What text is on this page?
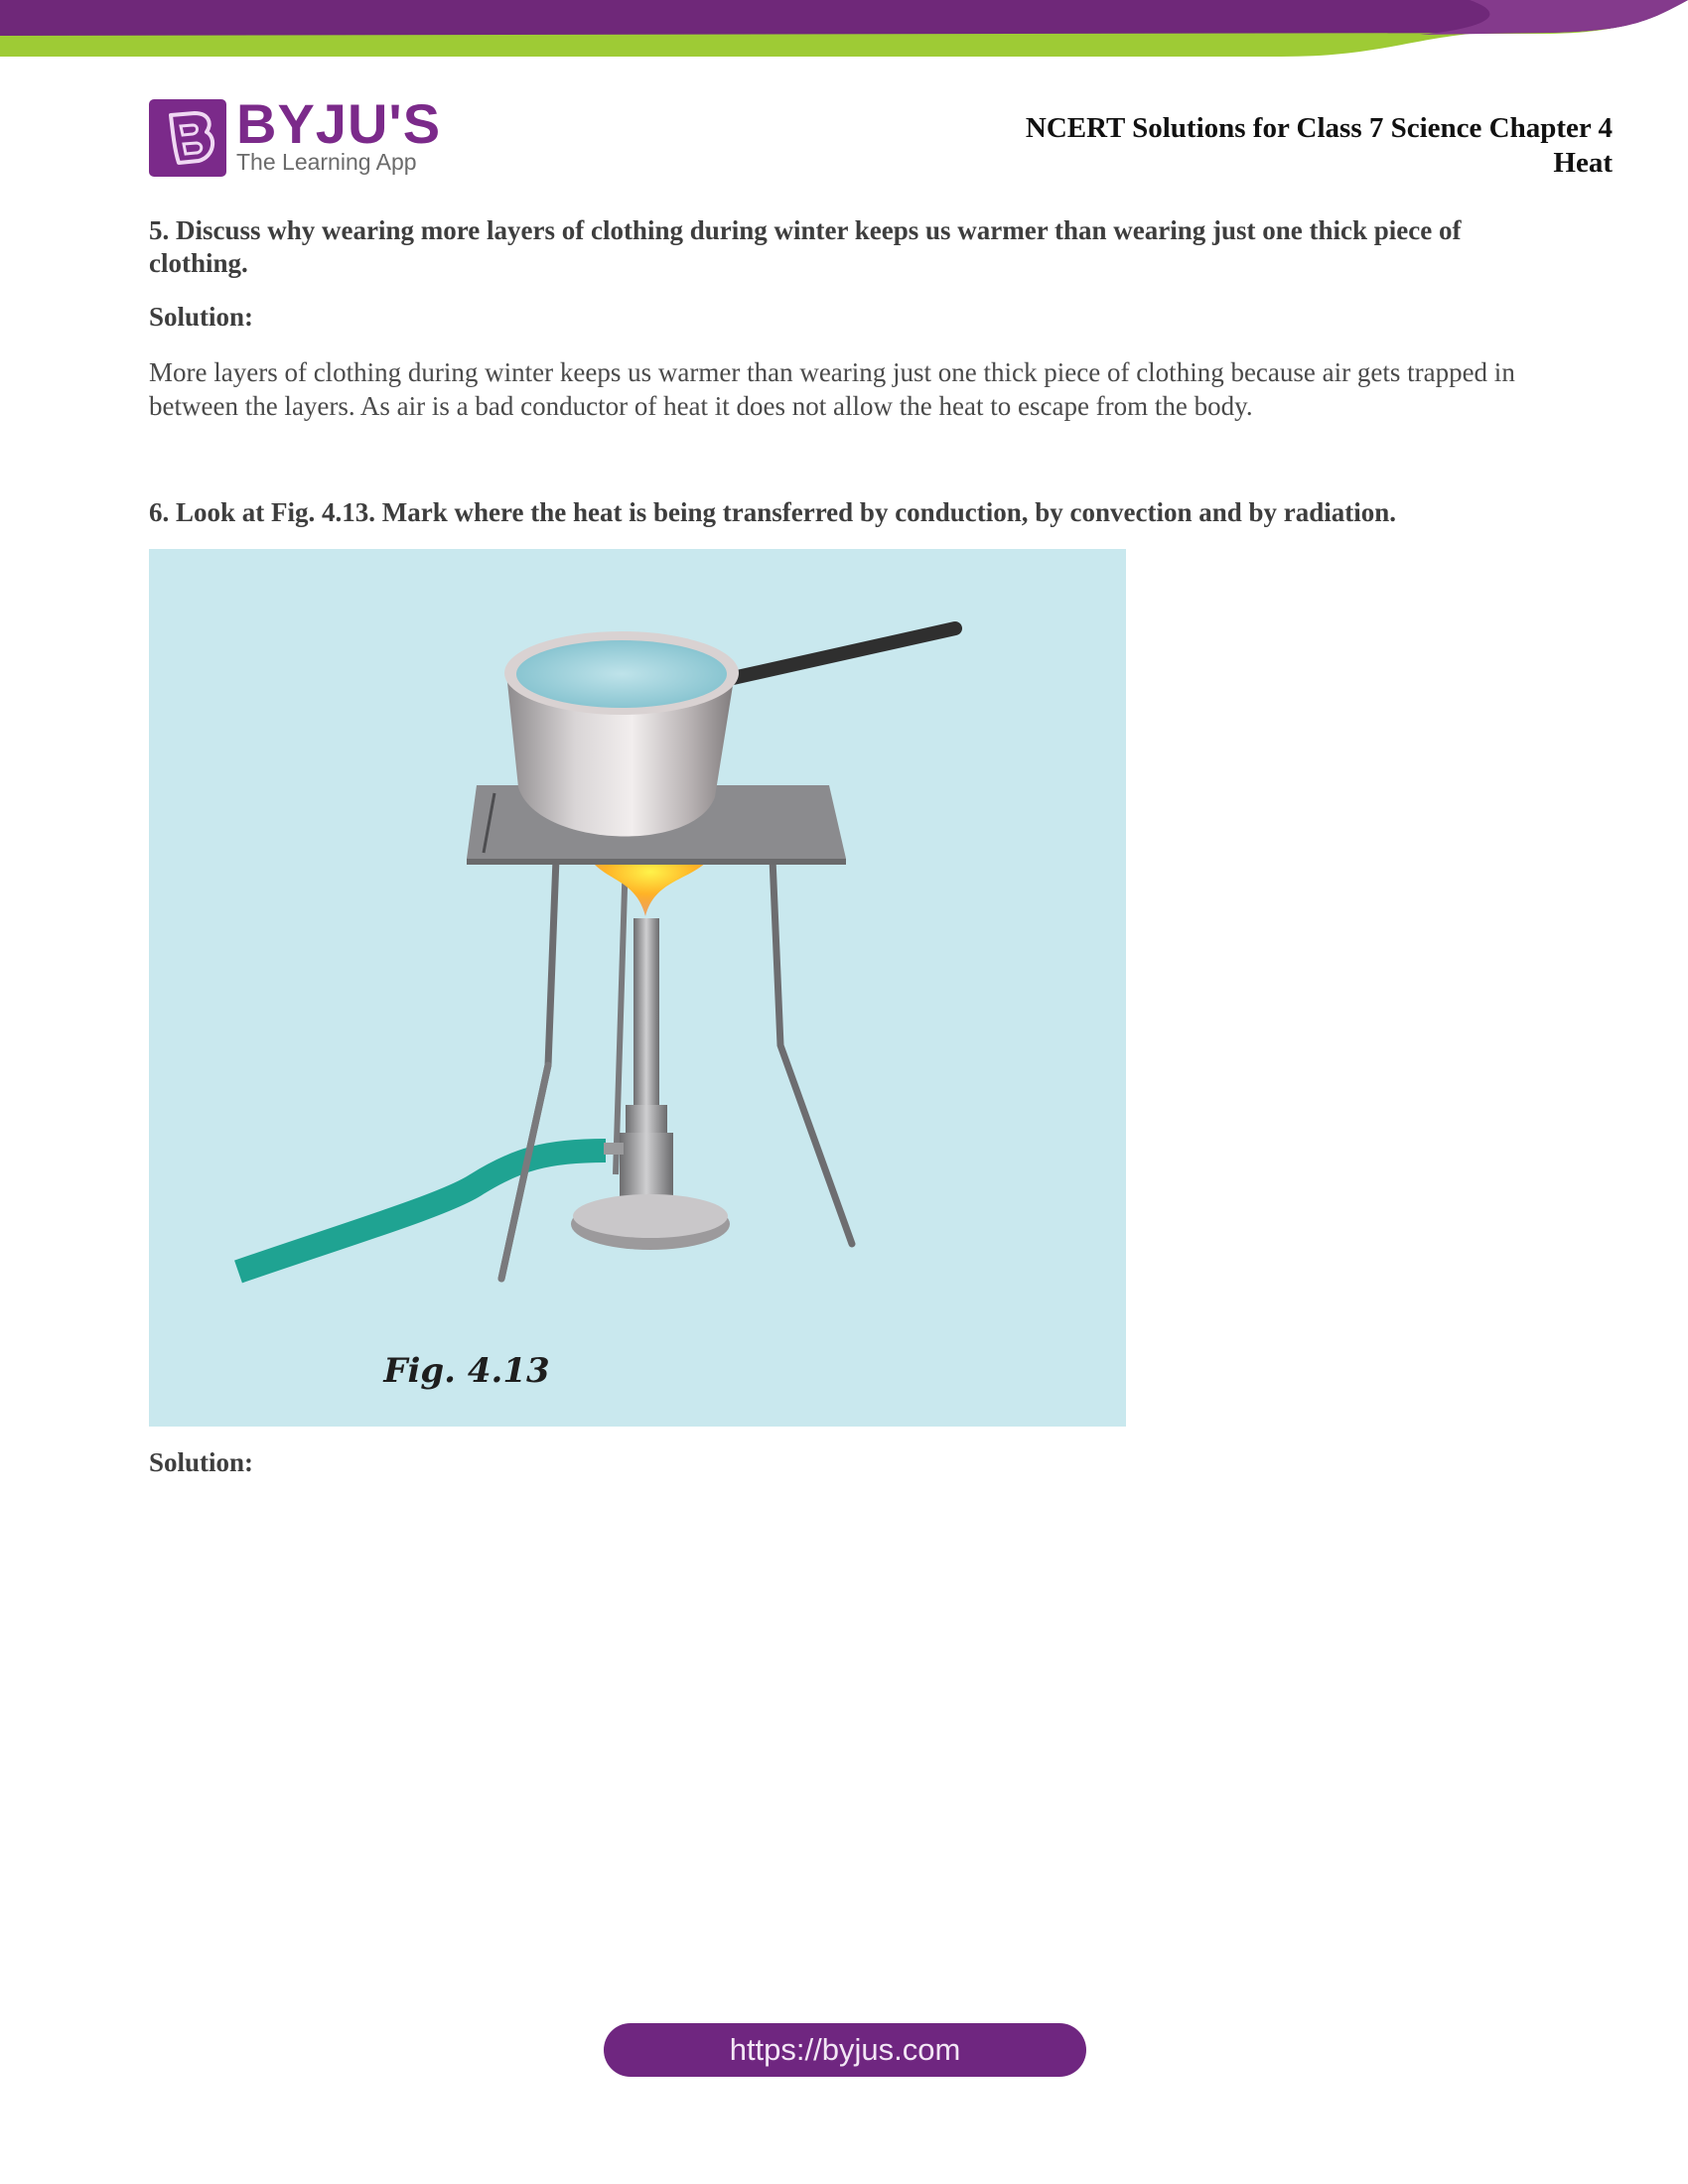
BYJU'S
The Learning App
NCERT Solutions for Class 7 Science Chapter 4
Heat

5. Discuss why wearing more layers of clothing during winter keeps us warmer than wearing just one thick piece of clothing.

Solution:

More layers of clothing during winter keeps us warmer than wearing just one thick piece of clothing because air gets trapped in between the layers. As air is a bad conductor of heat it does not allow the heat to escape from the body.

6. Look at Fig. 4.13. Mark where the heat is being transferred by conduction, by convection and by radiation.

Fig. 4.13

Solution:

https://byjus.com
